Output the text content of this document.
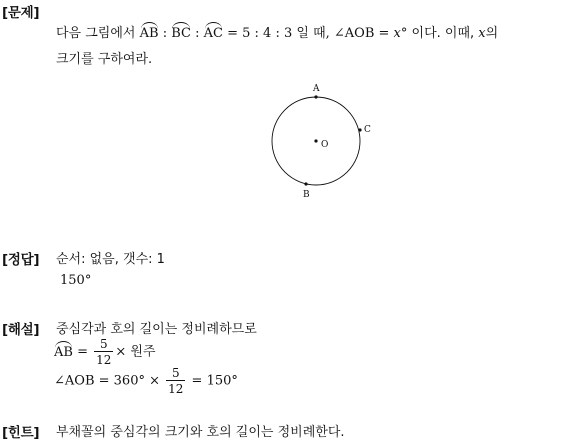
[문제]
다음 그림에서 AB : BC : AC = 5 : 4 : 3 일 때, ∠AOB = x° 이다. 이때, x의
크기를 구하여라.
A
C
B
O
[정답] 순서: 없음, 갯수: 1
150°
[해설] 중심각과 호의 길이는 정비례하므로
AB = $\frac{5}{12}$ × 원주
∠AOB = $360^\circ \times \frac{5}{12} = 150^\circ$
[힌트] 부채꼴의 중심각의 크기와 호의 길이는 정비례한다.
